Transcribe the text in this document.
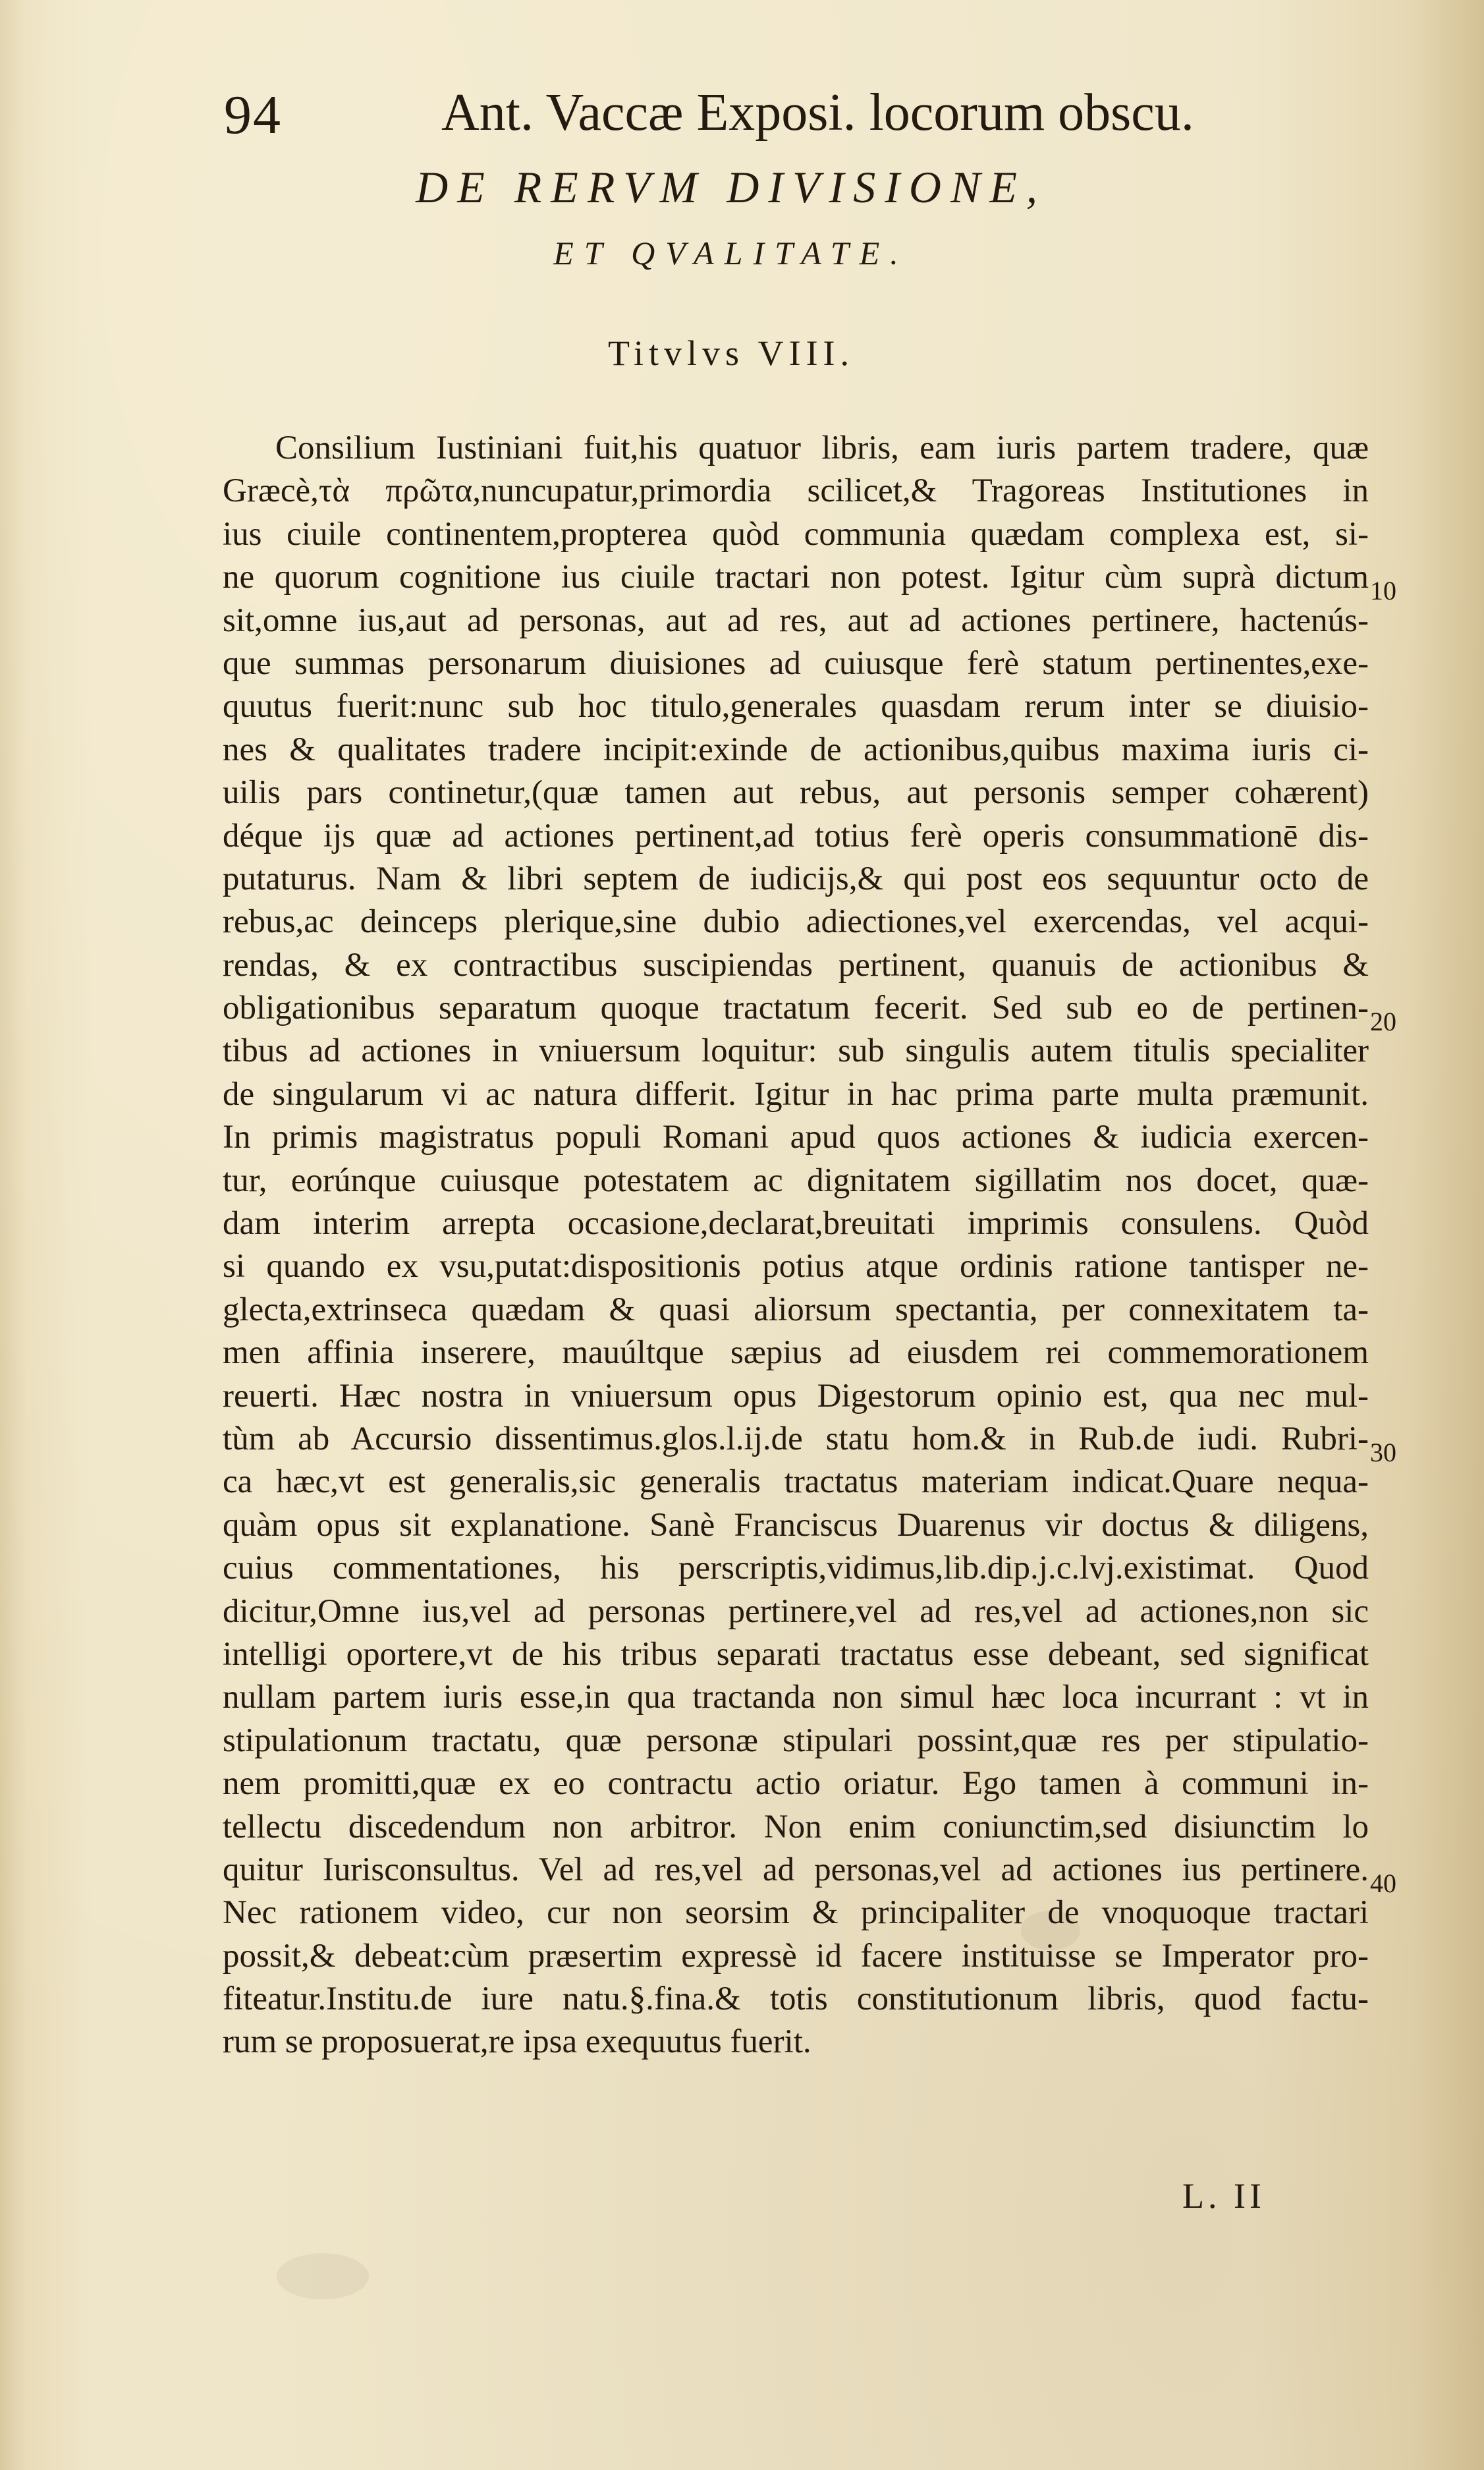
94	Ant. Vaccæ Exposi. locorum obscu.
DE RERVM DIVISIONE,
ET QVALITATE.
Titvlvs VIII.
Consilium Iustiniani fuit,his quatuor libris, eam iuris partem tradere, quæ
Græcè,τὰ πρῶτα,nuncupatur,primordia scilicet,& Tragoreas Institutiones in
ius ciuile continentem,propterea quòd communia quædam complexa est, si-
ne quorum cognitione ius ciuile tractari non potest. Igitur cùm suprà dictum
sit,omne ius,aut ad personas, aut ad res, aut ad actiones pertinere, hactenús-
que summas personarum diuisiones ad cuiusque ferè statum pertinentes,exe-
quutus fuerit:nunc sub hoc titulo,generales quasdam rerum inter se diuisio-
nes & qualitates tradere incipit:exinde de actionibus,quibus maxima iuris ci-
uilis pars continetur,(quæ tamen aut rebus, aut personis semper cohærent)
déque ijs quæ ad actiones pertinent,ad totius ferè operis consummationē dis-
putaturus. Nam & libri septem de iudicijs,& qui post eos sequuntur octo de
rebus,ac deinceps plerique,sine dubio adiectiones,vel exercendas, vel acqui-
rendas, & ex contractibus suscipiendas pertinent, quanuis de actionibus &
obligationibus separatum quoque tractatum fecerit. Sed sub eo de pertinen-
tibus ad actiones in vniuersum loquitur: sub singulis autem titulis specialiter
de singularum vi ac natura differit. Igitur in hac prima parte multa præmunit.
In primis magistratus populi Romani apud quos actiones & iudicia exercen-
tur, eorúnque cuiusque potestatem ac dignitatem sigillatim nos docet, quæ-
dam interim arrepta occasione,declarat,breuitati imprimis consulens. Quòd
si quando ex vsu,putat:dispositionis potius atque ordinis ratione tantisper ne-
glecta,extrinseca quædam & quasi aliorsum spectantia, per connexitatem ta-
men affinia inserere, mauúltque sæpius ad eiusdem rei commemorationem
reuerti. Hæc nostra in vniuersum opus Digestorum opinio est, qua nec mul-
tùm ab Accursio dissentimus.glos.l.ij.de statu hom.& in Rub.de iudi. Rubri-
ca hæc,vt est generalis,sic generalis tractatus materiam indicat.Quare nequa-
quàm opus sit explanatione. Sanè Franciscus Duarenus vir doctus & diligens,
cuius commentationes, his perscriptis,vidimus,lib.dip.j.c.lvj.existimat. Quod
dicitur,Omne ius,vel ad personas pertinere,vel ad res,vel ad actiones,non sic
intelligi oportere,vt de his tribus separati tractatus esse debeant, sed significat
nullam partem iuris esse,in qua tractanda non simul hæc loca incurrant : vt in
stipulationum tractatu, quæ personæ stipulari possint,quæ res per stipulatio-
nem promitti,quæ ex eo contractu actio oriatur. Ego tamen à communi in-
tellectu discedendum non arbitror. Non enim coniunctim,sed disiunctim lo
quitur Iurisconsultus. Vel ad res,vel ad personas,vel ad actiones ius pertinere.
Nec rationem video, cur non seorsim & principaliter de vnoquoque tractari
possit,& debeat:cùm præsertim expressè id facere instituisse se Imperator pro-
fiteatur.Institu.de iure natu.§.fina.& totis constitutionum libris, quod factu-
rum se proposuerat,re ipsa exequutus fuerit.
10
20
30
40
L. II
